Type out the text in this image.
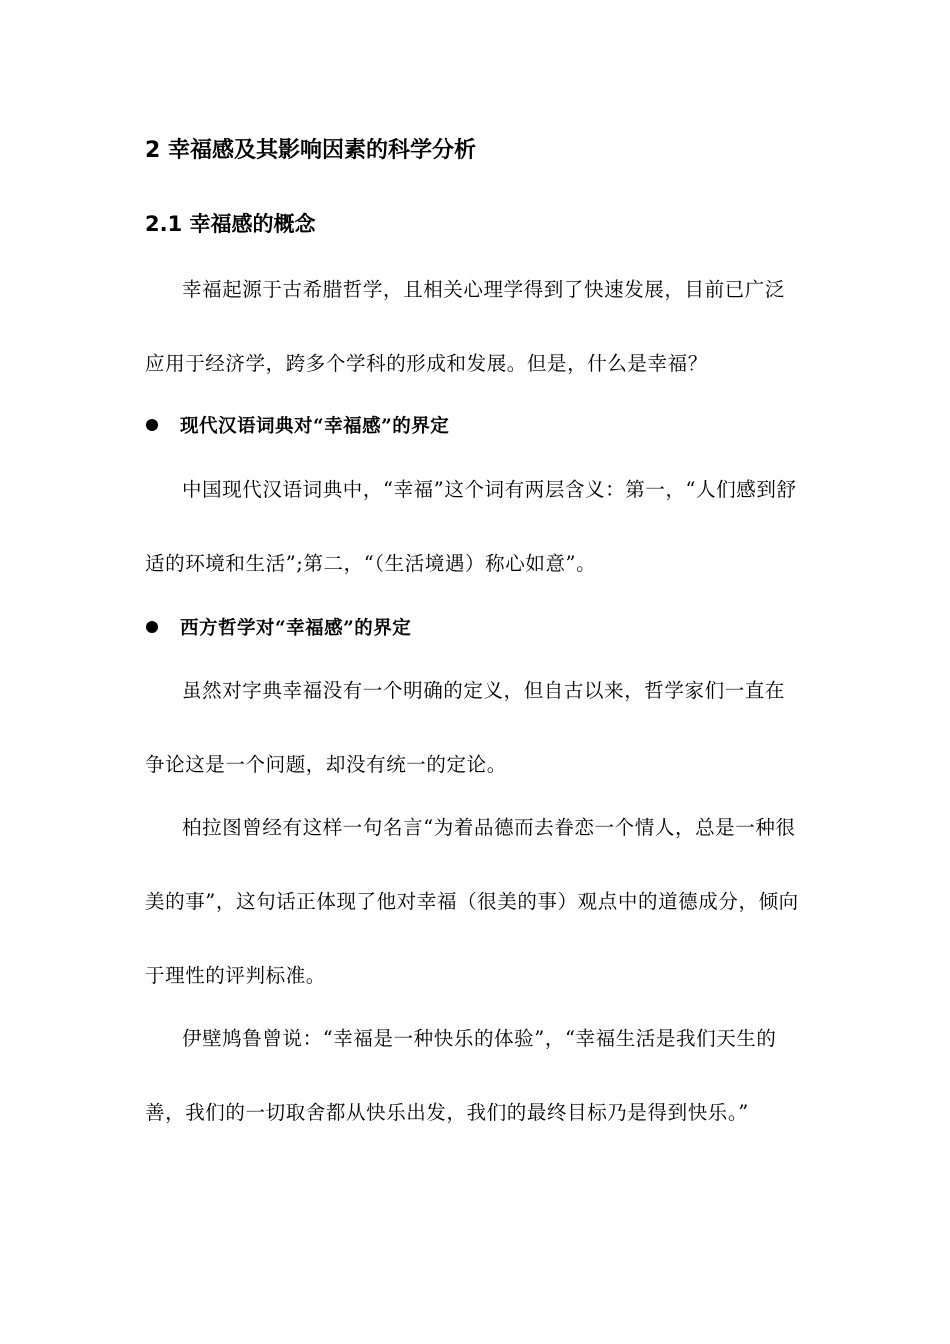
2 幸福感及其影响因素的科学分析
2.1 幸福感的概念

幸福起源于古希腊哲学，且相关心理学得到了快速发展，目前已广泛应用于经济学，跨多个学科的形成和发展。但是，什么是幸福？

现代汉语词典对“幸福感”的界定

中国现代汉语词典中，“幸福”这个词有两层含义：第一，“人们感到舒适的环境和生活”;第二，“（生活境遇）称心如意”。

西方哲学对“幸福感”的界定

虽然对字典幸福没有一个明确的定义，但自古以来，哲学家们一直在争论这是一个问题，却没有统一的定论。

柏拉图曾经有这样一句名言“为着品德而去眷恋一个情人，总是一种很美的事”，这句话正体现了他对幸福（很美的事）观点中的道德成分，倾向于理性的评判标准。

伊壁鸠鲁曾说：“幸福是一种快乐的体验”，“幸福生活是我们天生的善，我们的一切取舍都从快乐出发，我们的最终目标乃是得到快乐。”
